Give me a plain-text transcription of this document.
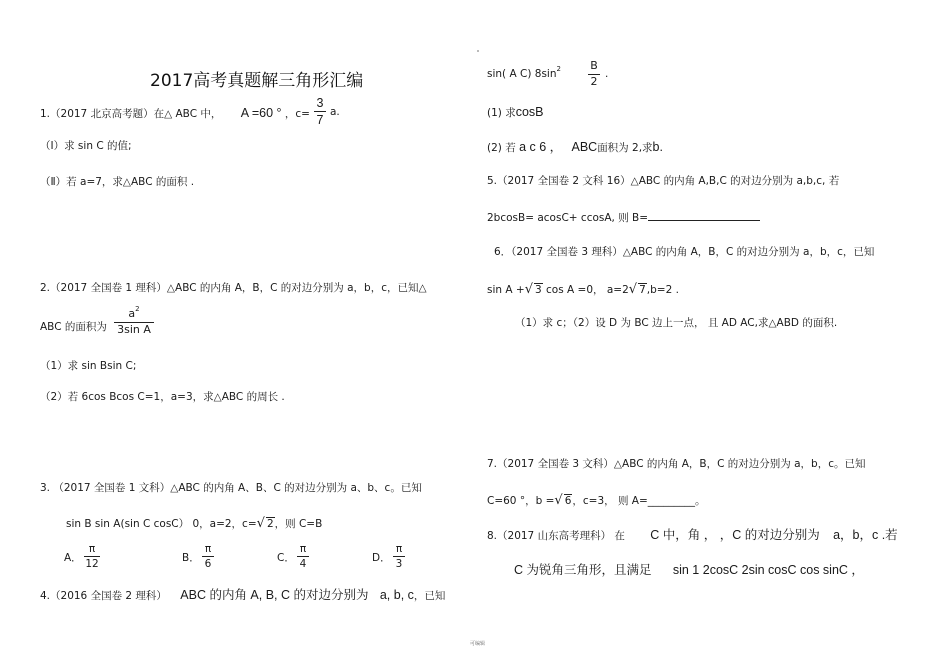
2017高考真题解三角形汇编
1.（2017 北京高考题）在△ ABC 中， A =60 ° ，c=
3
7
a.
（Ⅰ）求 sin C 的值;
（Ⅱ）若 a=7，求△ABC 的面积 .
2.（2017 全国卷 1 理科）△ABC 的内角 A，B，C 的对边分别为 a，b，c，已知△
ABC 的面积为
$a^2$
3sin A
（1）求 sin Bsin C;
（2）若 6cos Bcos C=1，a=3，求△ABC 的周长 .
3. （2017 全国卷 1 文科）△ABC 的内角 A、B、C 的对边分别为 a、b、c。已知
sin B sin A(sin C cosC） 0，a=2，c=√ 2，则 C=B
A．
π
12
B．
π
6
C．
π
4
D．
π
3
4.（2016 全国卷 2 理科） ABC 的内角 A, B, C 的对边分别为 a, b, c，已知
sin( A C) $8\sin^2$	B
2
.
(1) 求cosB
(2) 若 a c 6 ， ABC面积为 2,求b.
5.（2017 全国卷 2 文科 16）△ABC 的内角 A,B,C 的对边分别为 a,b,c, 若
2bcosB= acosC+ ccosA, 则 B=
6．（2017 全国卷 3 理科）△ABC 的内角 A，B，C 的对边分别为 a，b，c，已知
sin A +√ 3 cos A =0， a=2√ 7,b=2 .
（1）求 c；（2）设 D 为 BC 边上一点， 且 AD AC,求△ABD 的面积.
7.（2017 全国卷 3 文科）△ABC 的内角 A，B，C 的对边分别为 a，b，c。已知
C=60 °，b =√ 6，c=3， 则 A=_________。
8.（2017 山东高考理科） 在 C 中，角 ， ，C 的对边分别为 a，b，c .若
C 为锐角三角形，且满足 sin 1 2cosC 2sin cosC cos sinC ，
可编辑
